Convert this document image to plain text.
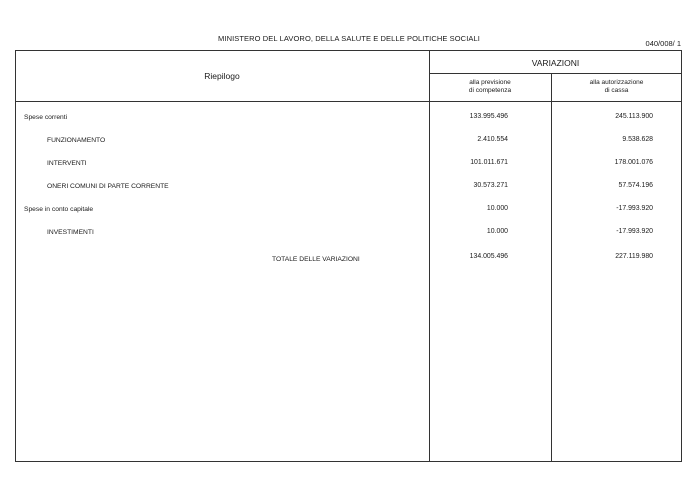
MINISTERO DEL LAVORO, DELLA SALUTE E DELLE POLITICHE SOCIALI
040/008/ 1
Riepilogo
VARIAZIONI
alla previsione
di competenza
alla autorizzazione
di cassa
Spese correnti	133.995.496	245.113.900
FUNZIONAMENTO	2.410.554	9.538.628
INTERVENTI	101.011.671	178.001.076
ONERI COMUNI DI PARTE CORRENTE	30.573.271	57.574.196
Spese in conto capitale	10.000	-17.993.920
INVESTIMENTI	10.000	-17.993.920
TOTALE DELLE VARIAZIONI	134.005.496	227.119.980
